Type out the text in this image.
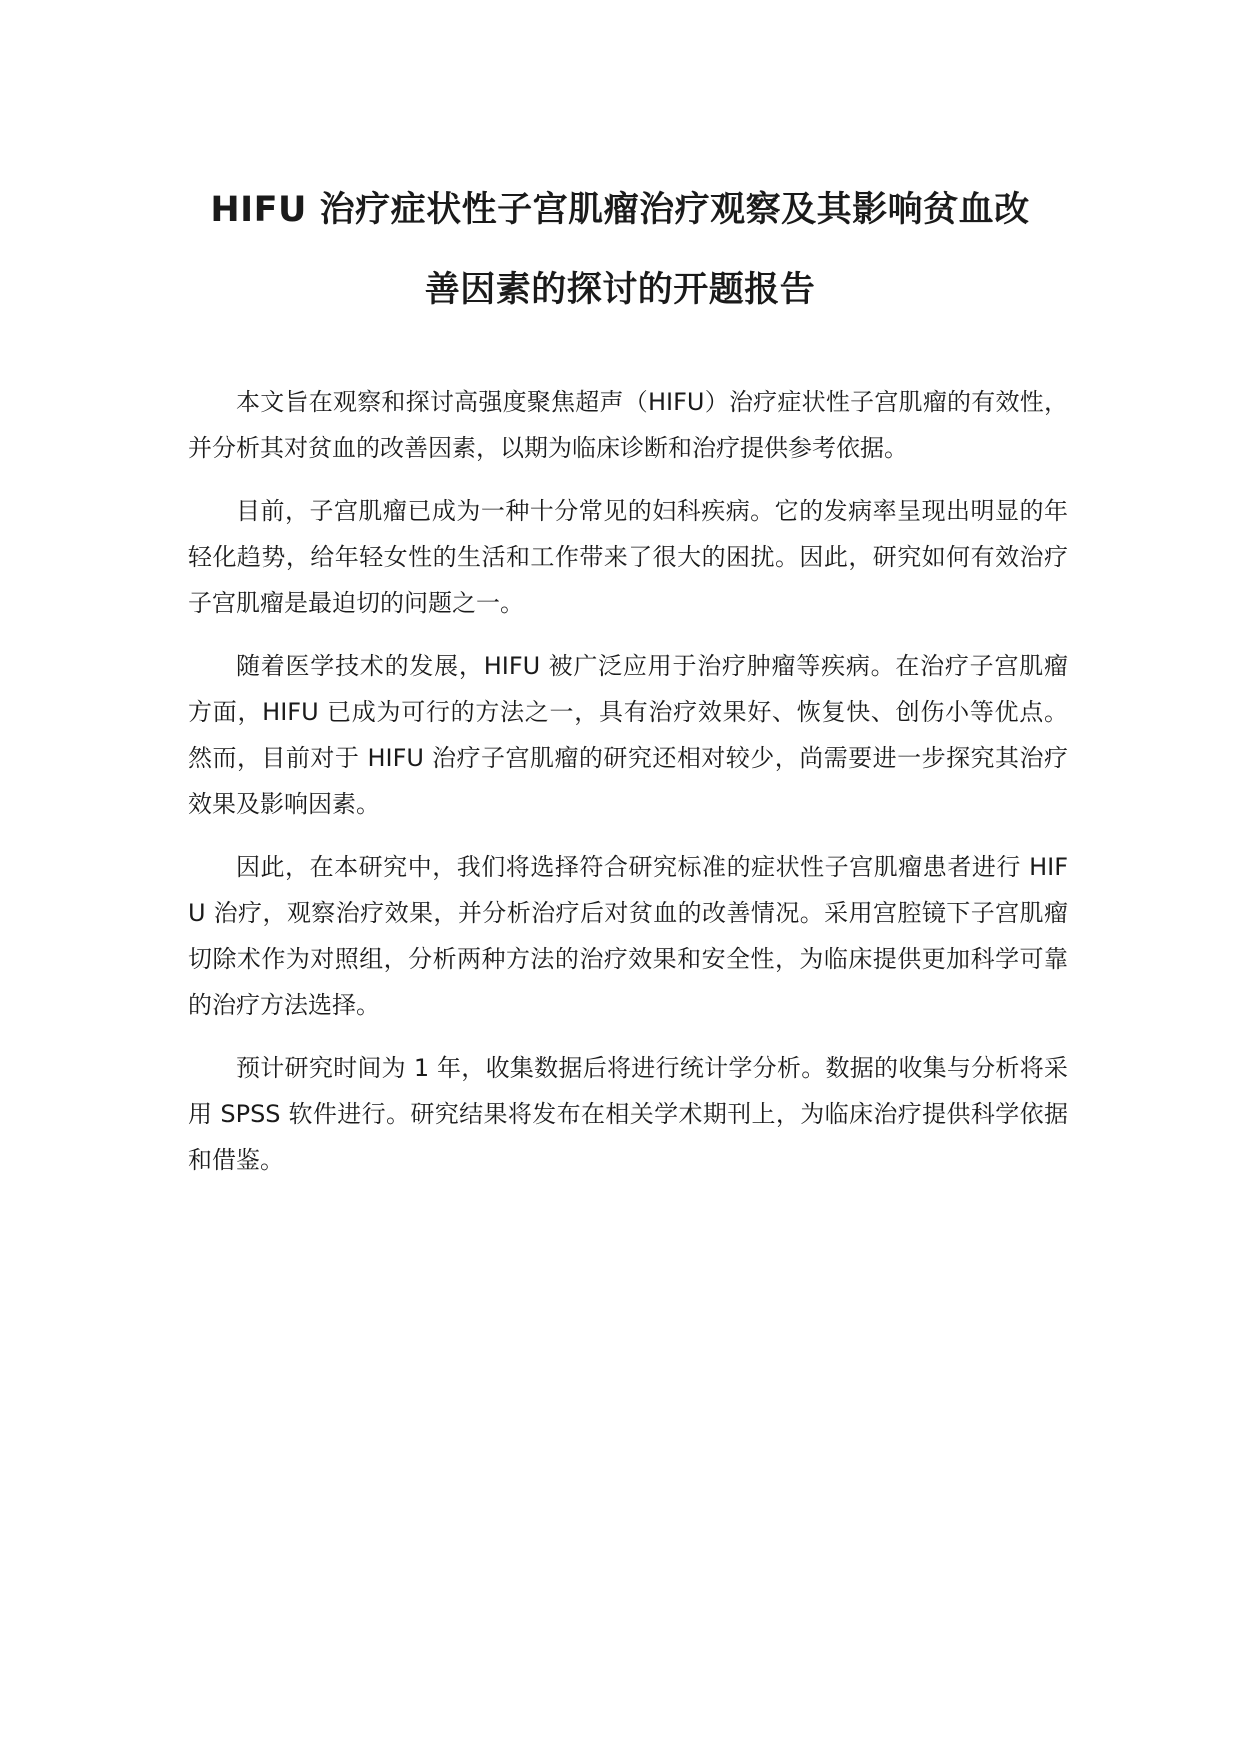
HIFU 治疗症状性子宫肌瘤治疗观察及其影响贫血改
善因素的探讨的开题报告

本文旨在观察和探讨高强度聚焦超声（HIFU）治疗症状性子宫肌瘤的有效性，并分析其对贫血的改善因素，以期为临床诊断和治疗提供参考依据。

目前，子宫肌瘤已成为一种十分常见的妇科疾病。它的发病率呈现出明显的年轻化趋势，给年轻女性的生活和工作带来了很大的困扰。因此，研究如何有效治疗子宫肌瘤是最迫切的问题之一。

随着医学技术的发展，HIFU 被广泛应用于治疗肿瘤等疾病。在治疗子宫肌瘤方面，HIFU 已成为可行的方法之一，具有治疗效果好、恢复快、创伤小等优点。然而，目前对于 HIFU 治疗子宫肌瘤的研究还相对较少，尚需要进一步探究其治疗效果及影响因素。

因此，在本研究中，我们将选择符合研究标准的症状性子宫肌瘤患者进行 HIFU 治疗，观察治疗效果，并分析治疗后对贫血的改善情况。采用宫腔镜下子宫肌瘤切除术作为对照组，分析两种方法的治疗效果和安全性，为临床提供更加科学可靠的治疗方法选择。

预计研究时间为 1 年，收集数据后将进行统计学分析。数据的收集与分析将采用 SPSS 软件进行。研究结果将发布在相关学术期刊上，为临床治疗提供科学依据和借鉴。
